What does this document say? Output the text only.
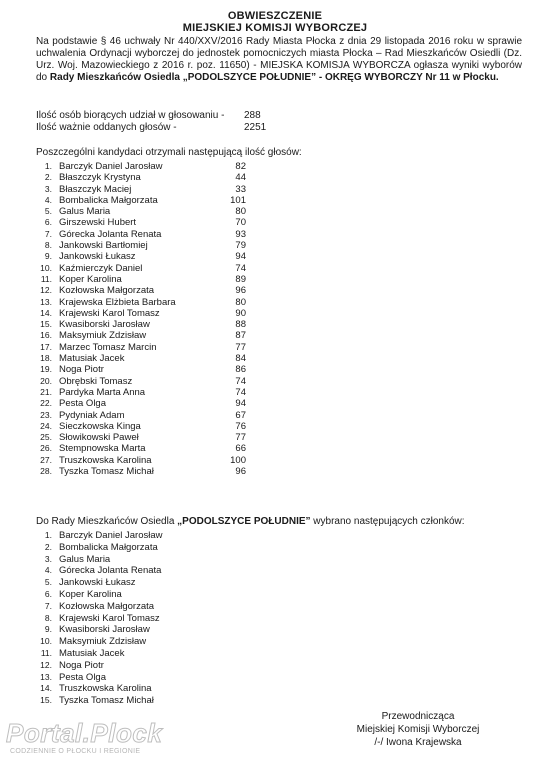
OBWIESZCZENIE
MIEJSKIEJ KOMISJI WYBORCZEJ

Na podstawie § 46 uchwały Nr 440/XXV/2016 Rady Miasta Płocka z dnia 29 listopada 2016 roku w sprawie uchwalenia Ordynacji wyborczej do jednostek pomocniczych miasta Płocka – Rad Mieszkańców Osiedli (Dz. Urz. Woj. Mazowieckiego z 2016 r. poz. 11650) - MIEJSKA KOMISJA WYBORCZA ogłasza wyniki wyborów do Rady Mieszkańców Osiedla „PODOLSZYCE POŁUDNIE” - OKRĘG WYBORCZY Nr 11 w Płocku.

Ilość osób biorących udział w głosowaniu - 288
Ilość ważnie oddanych głosów -	2251
Poszczególni kandydaci otrzymali następującą ilość głosów:
1. Barczyk Daniel Jarosław	82
2. Błaszczyk Krystyna	44
3. Błaszczyk Maciej	33
4. Bombalicka Małgorzata	101
5. Galus Maria	80
6. Girszewski Hubert	70
7. Górecka Jolanta Renata	93
8. Jankowski Bartłomiej	79
9. Jankowski Łukasz	94
10. Kaźmierczyk Daniel	74
11. Koper Karolina	89
12. Kozłowska Małgorzata	96
13. Krajewska Elżbieta Barbara	80
14. Krajewski Karol Tomasz	90
15. Kwasiborski Jarosław	88
16. Maksymiuk Zdzisław	87
17. Marzec Tomasz Marcin	77
18. Matusiak Jacek	84
19. Noga Piotr	86
20. Obrębski Tomasz	74
21. Pardyka Marta Anna	74
22. Pesta Olga	94
23. Pydyniak Adam	67
24. Sieczkowska Kinga	76
25. Słowikowski Paweł	77
26. Stempnowska Marta	66
27. Truszkowska Karolina	100
28. Tyszka Tomasz Michał	96
Do Rady Mieszkańców Osiedla „PODOLSZYCE POŁUDNIE” wybrano następujących członków:
1. Barczyk Daniel Jarosław
2. Bombalicka Małgorzata
3. Galus Maria
4. Górecka Jolanta Renata
5. Jankowski Łukasz
6. Koper Karolina
7. Kozłowska Małgorzata
8. Krajewski Karol Tomasz
9. Kwasiborski Jarosław
10. Maksymiuk Zdzisław
11. Matusiak Jacek
12. Noga Piotr
13. Pesta Olga
14. Truszkowska Karolina
15. Tyszka Tomasz Michał
Portal.Plock
CODZIENNIE O PŁOCKU I REGIONIE
Przewodnicząca
Miejskiej Komisji Wyborczej
/-/ Iwona Krajewska
